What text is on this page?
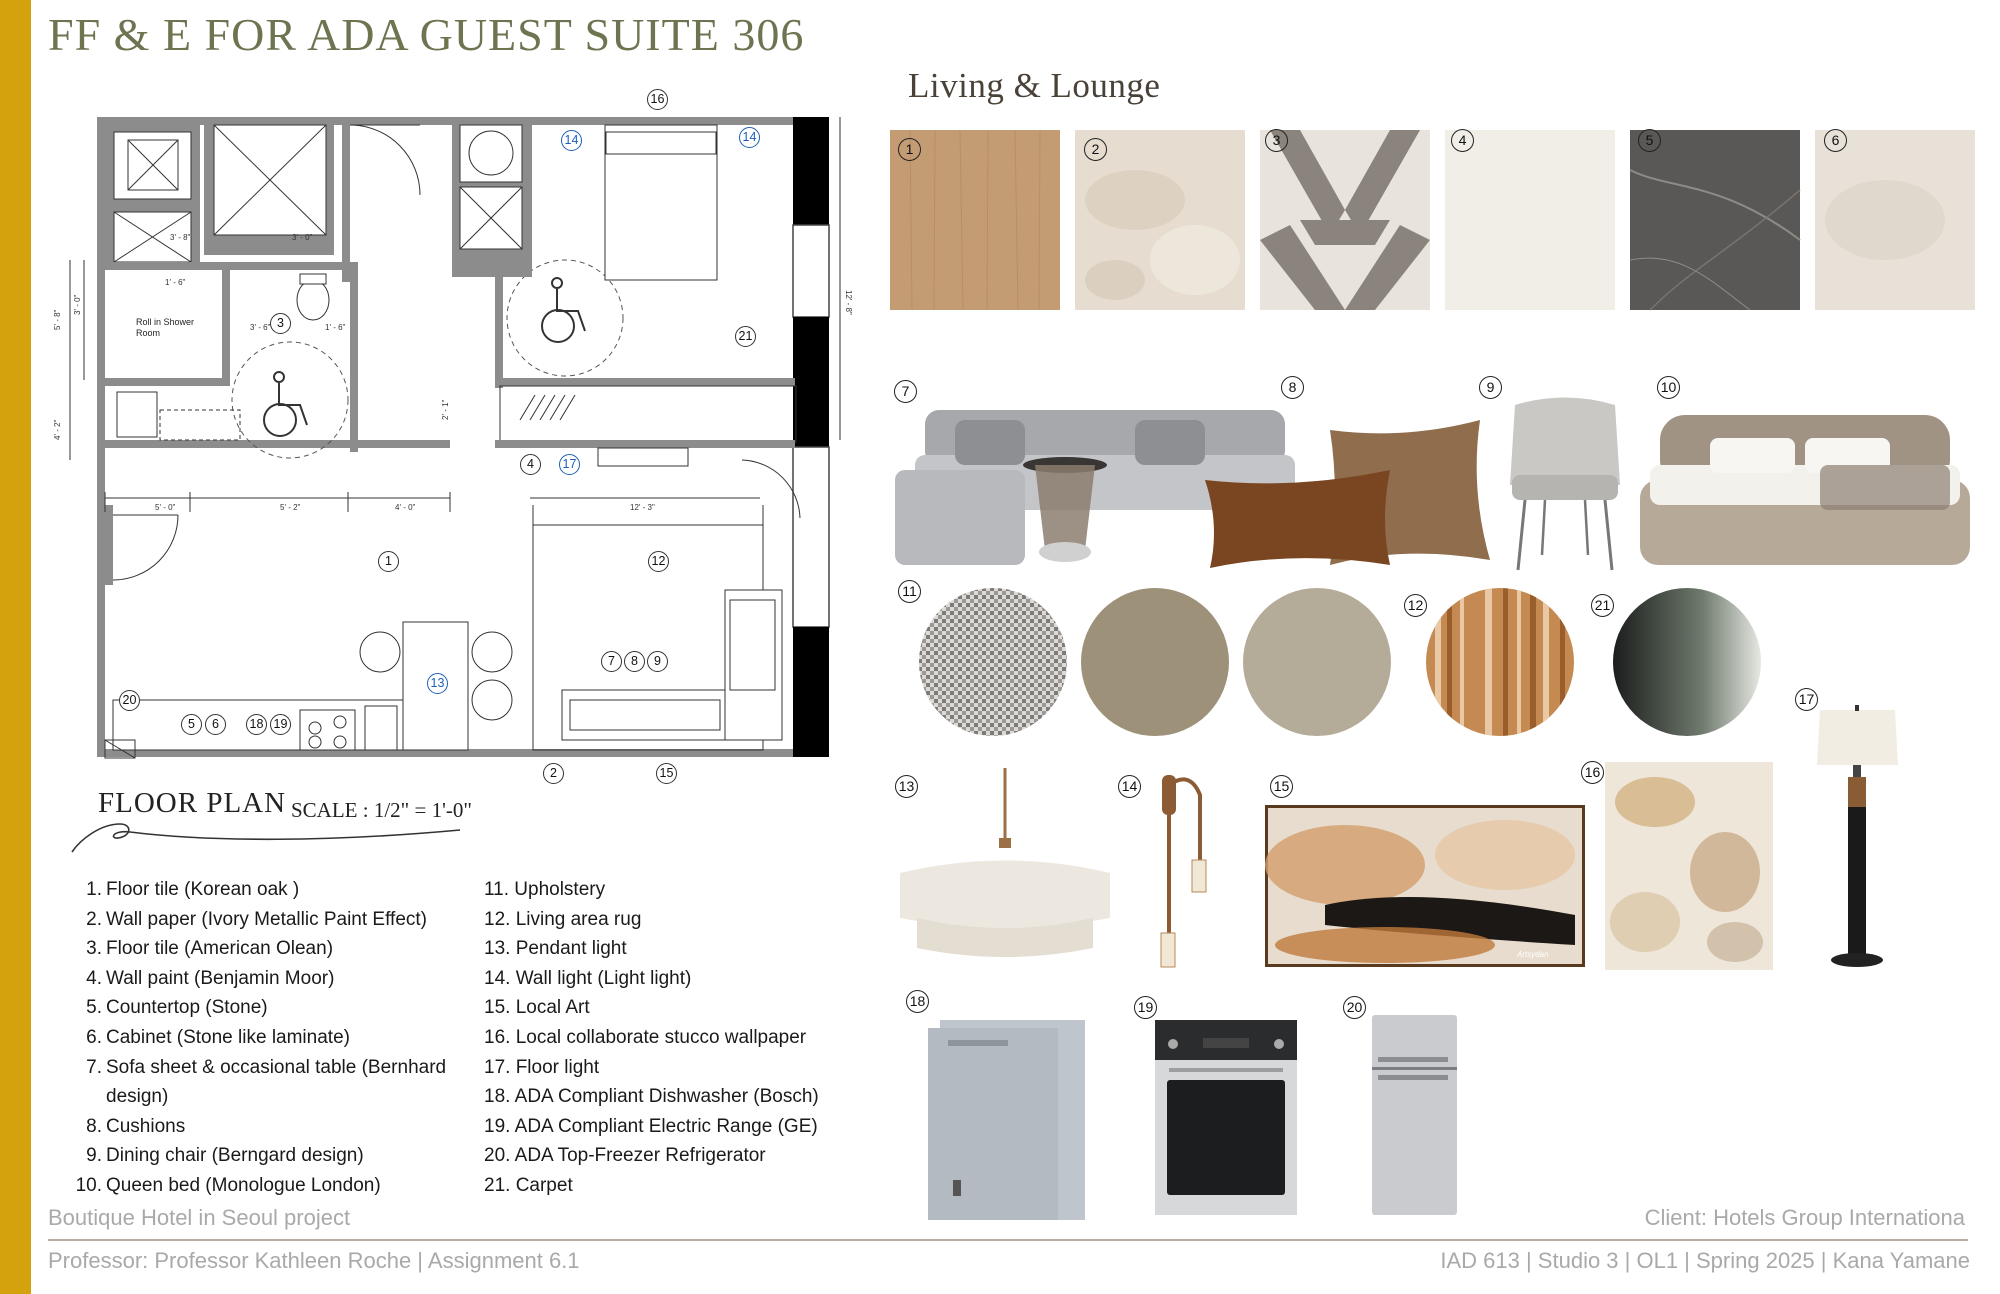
FF & E FOR ADA GUEST SUITE 306
Living & Lounge
3' - 8"	3' - 0"
Roll in Shower
Room
1' - 6"
3' - 6"	1' - 6"
5' - 0"	5' - 2"	4' - 0"	12' - 3"
5' - 8"
3' - 0"
4' - 2"
2' - 1"
12' - 8"
16
14	14
3
21
4	17
1	12
7	8	9
13
20
5	6	18 19
2	15
FLOOR PLAN SCALE : 1/2" = 1'-0"
1. Floor tile (Korean oak )
2. Wall paper (Ivory Metallic Paint Effect)
3. Floor tile (American Olean)
4. Wall paint (Benjamin Moor)
5. Countertop (Stone)
6. Cabinet (Stone like laminate)
7. Sofa sheet & occasional table (Bernhard
design)
8. Cushions
9. Dining chair (Berngard design)
10. Queen bed (Monologue London)
11. Upholstery
12. Living area rug
13. Pendant light
14. Wall light (Light light)
15. Local Art
16. Local collaborate stucco wallpaper
17. Floor light
18. ADA Compliant Dishwasher (Bosch)
19. ADA Compliant Electric Range (GE)
20. ADA Top-Freezer Refrigerator
21. Carpet
Artsydan
1	2
3	4	5	6
7	8	9	10
11
12	21
17
13	14	15
16
18	19	20
Boutique Hotel in Seoul project	Client: Hotels Group Internationa
Professor: Professor Kathleen Roche | Assignment 6.1	IAD 613 | Studio 3 | OL1 | Spring 2025 | Kana Yamane
